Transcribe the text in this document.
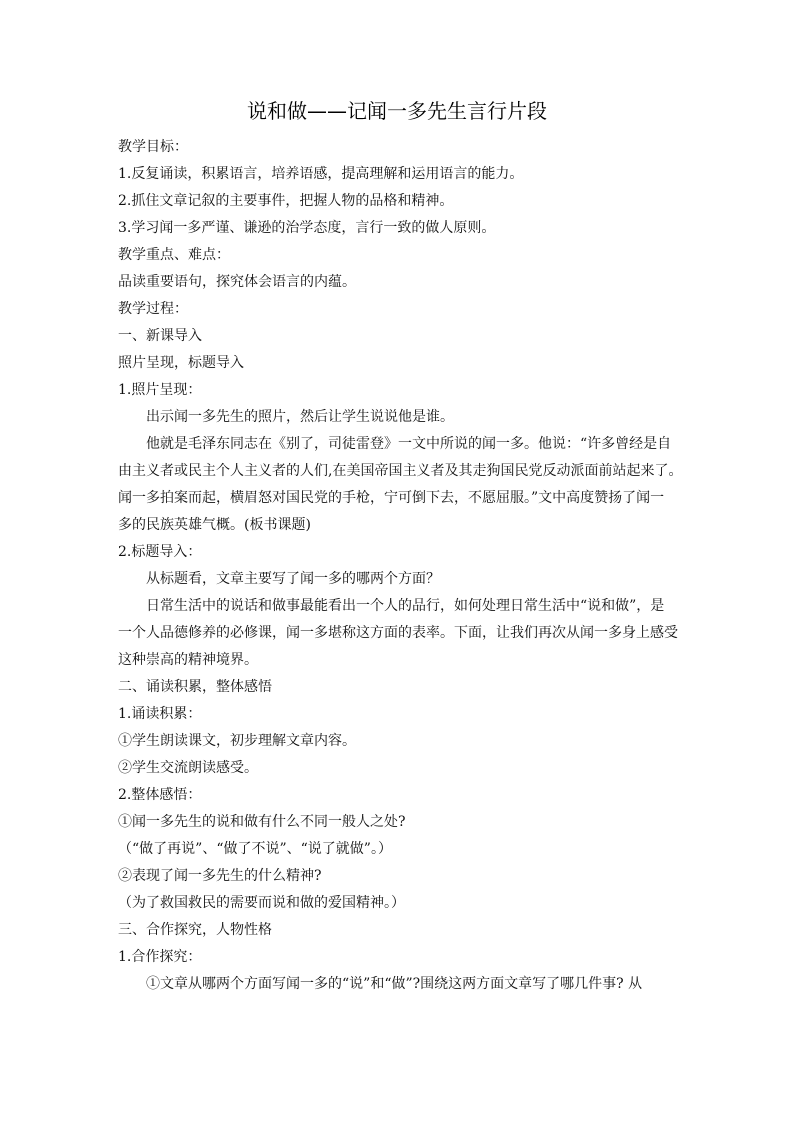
说和做——记闻一多先生言行片段
教学目标：
1.反复诵读，积累语言，培养语感，提高理解和运用语言的能力。
2.抓住文章记叙的主要事件，把握人物的品格和精神。
3.学习闻一多严谨、谦逊的治学态度，言行一致的做人原则。
教学重点、难点：
品读重要语句，探究体会语言的内蕴。
教学过程：
一、新课导入
照片呈现，标题导入
1.照片呈现：
出示闻一多先生的照片，然后让学生说说他是谁。
他就是毛泽东同志在《别了，司徒雷登》一文中所说的闻一多。他说：“许多曾经是自
由主义者或民主个人主义者的人们,在美国帝国主义者及其走狗国民党反动派面前站起来了。
闻一多拍案而起，横眉怒对国民党的手枪，宁可倒下去，不愿屈服。”文中高度赞扬了闻一
多的民族英雄气概。(板书课题)
2.标题导入：
从标题看，文章主要写了闻一多的哪两个方面？
日常生活中的说话和做事最能看出一个人的品行，如何处理日常生活中“说和做”，是
一个人品德修养的必修课，闻一多堪称这方面的表率。下面，让我们再次从闻一多身上感受
这种崇高的精神境界。
二、诵读积累，整体感悟
1.诵读积累：
①学生朗读课文，初步理解文章内容。
②学生交流朗读感受。
2.整体感悟：
①闻一多先生的说和做有什么不同一般人之处?
（“做了再说”、“做了不说”、“说了就做”。）
②表现了闻一多先生的什么精神?
（为了救国救民的需要而说和做的爱国精神。）
三、合作探究，人物性格
1.合作探究：
①文章从哪两个方面写闻一多的“说”和“做”?围绕这两方面文章写了哪几件事? 从
